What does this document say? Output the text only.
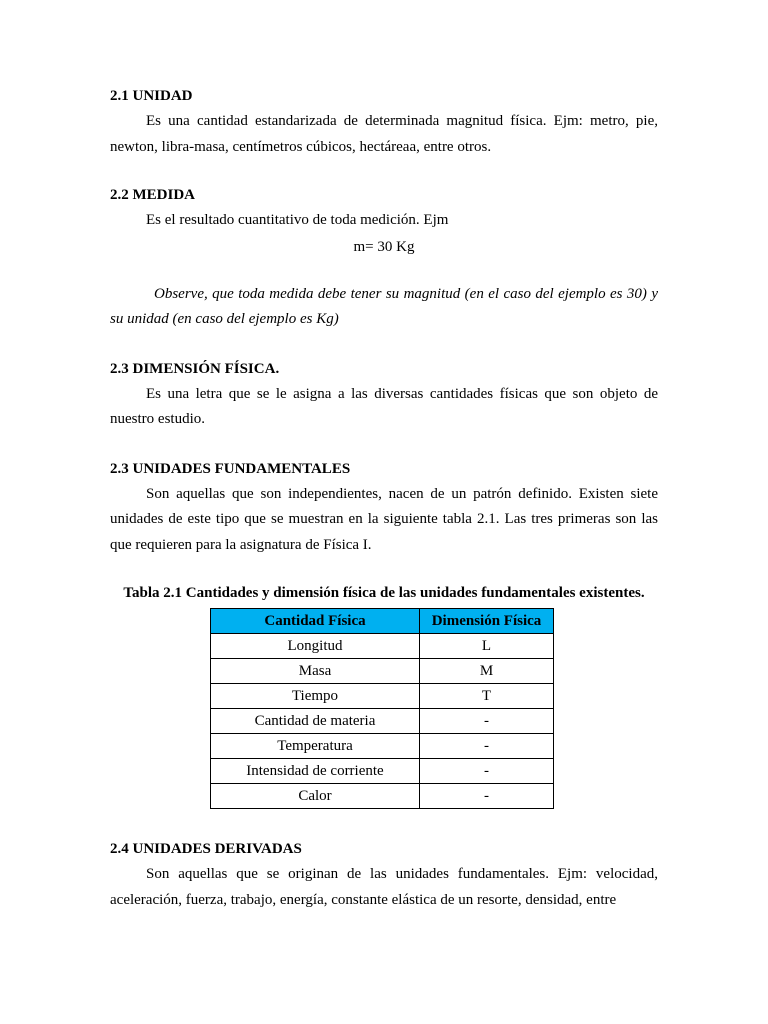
2.1 UNIDAD

Es una cantidad estandarizada de determinada magnitud física. Ejm: metro, pie, newton, libra-masa, centímetros cúbicos, hectáreaa, entre otros.

2.2 MEDIDA

Es el resultado cuantitativo de toda medición. Ejm

m= 30 Kg

Observe, que toda medida debe tener su magnitud (en el caso del ejemplo es 30) y su unidad (en caso del ejemplo es Kg)

2.3 DIMENSIÓN FÍSICA.

Es una letra que se le asigna a las diversas cantidades físicas que son objeto de nuestro estudio.

2.3 UNIDADES FUNDAMENTALES

Son aquellas que son independientes, nacen de un patrón definido. Existen siete unidades de este tipo que se muestran en la siguiente tabla 2.1. Las tres primeras son las que requieren para la asignatura de Física I.

Tabla 2.1 Cantidades y dimensión física de las unidades fundamentales existentes.

Cantidad Física	Dimensión Física
Longitud	L
Masa	M
Tiempo	T
Cantidad de materia	-
Temperatura	-
Intensidad de corriente	-
Calor	-

2.4 UNIDADES DERIVADAS

Son aquellas que se originan de las unidades fundamentales. Ejm: velocidad, aceleración, fuerza, trabajo, energía, constante elástica de un resorte, densidad, entre
